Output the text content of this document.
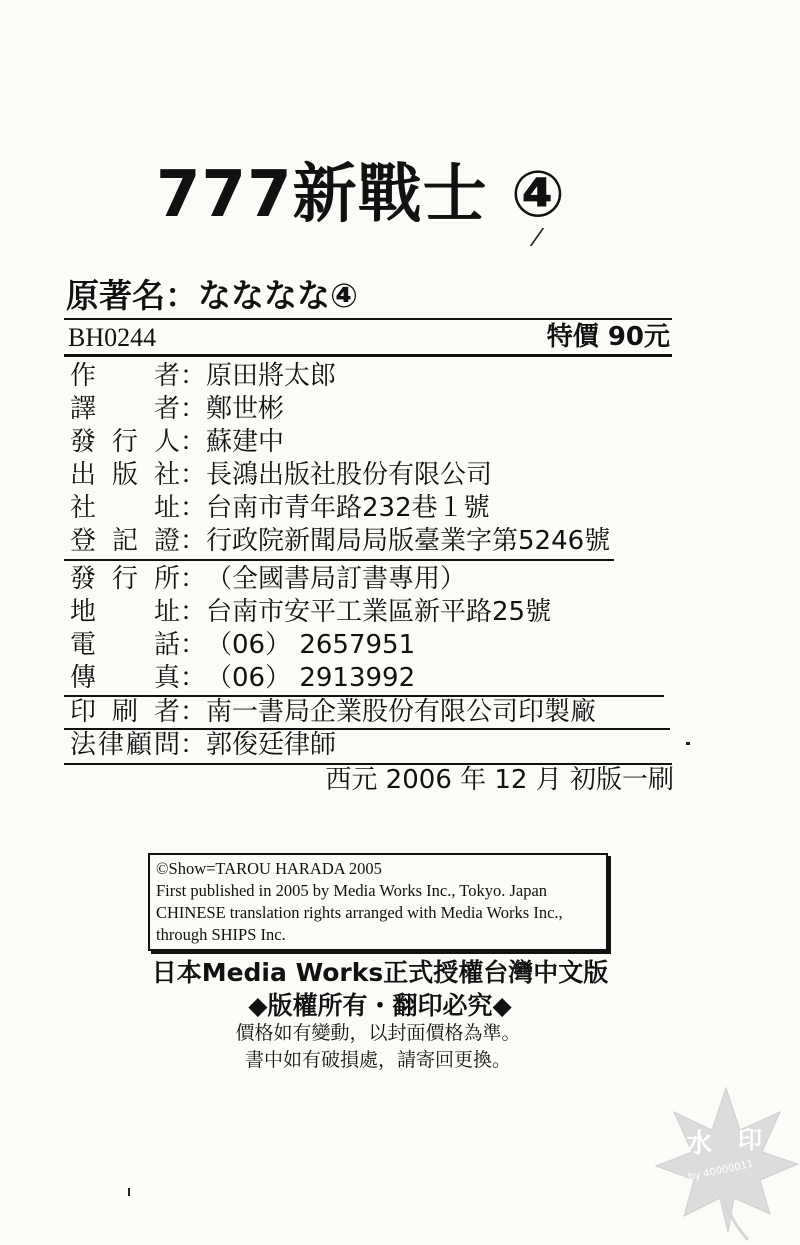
777新戰士 ④
原著名：なななな④
BH0244	特價 90元
作者：原田將太郎
譯者：鄭世彬
發行人：蘇建中
出版社：長鴻出版社股份有限公司
社址：台南市青年路232巷１號
登記證：行政院新聞局局版臺業字第5246號
發行所：（全國書局訂書專用）
地址：台南市安平工業區新平路25號
電話：（06） 2657951
傳真：（06） 2913992
印刷者：南一書局企業股份有限公司印製廠
法律顧問：郭俊廷律師
西元 2006 年 12 月 初版一刷
©Show=TAROU HARADA 2005
First published in 2005 by Media Works Inc., Tokyo. Japan
CHINESE translation rights arranged with Media Works Inc.,
through SHIPS Inc.
日本Media Works正式授權台灣中文版
◆版權所有・翻印必究◆
價格如有變動，以封面價格為準。
書中如有破損處，請寄回更換。
水 印
Scan by 40000011
